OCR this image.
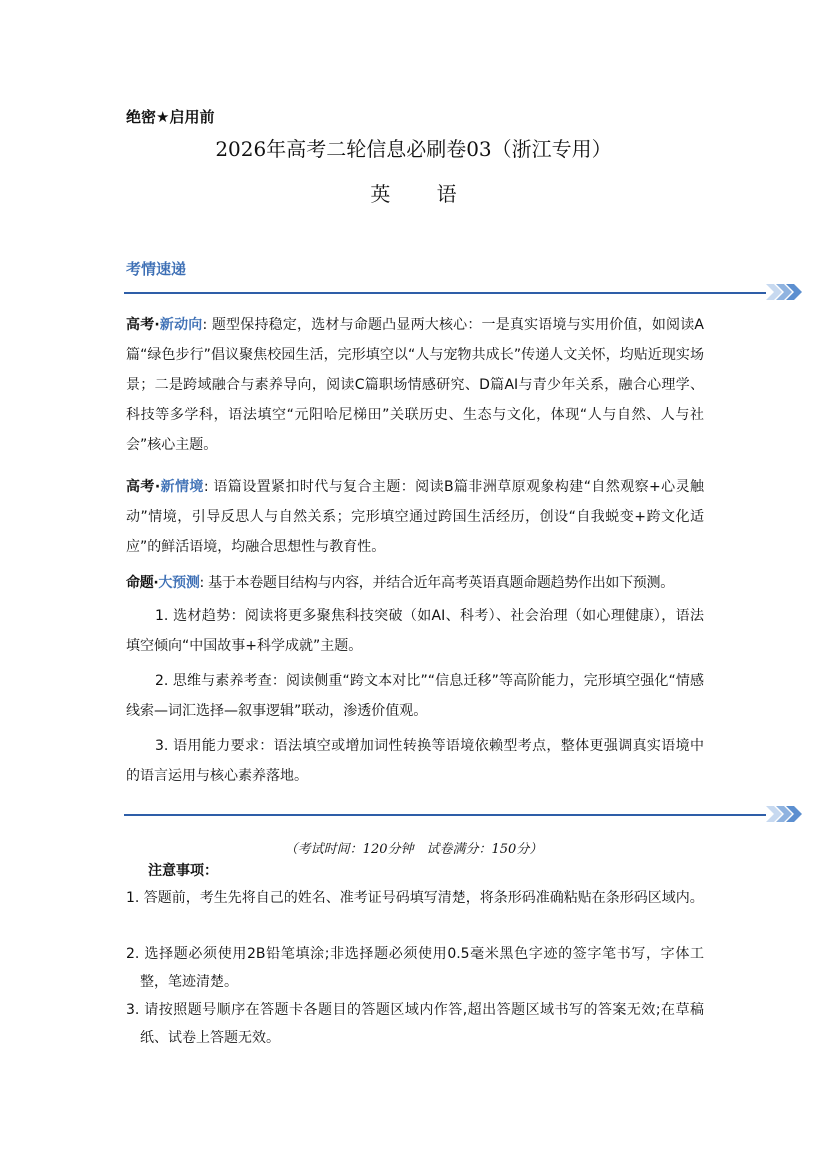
绝密★启用前
2026年高考二轮信息必刷卷03（浙江专用）
英 语
考情速递
高考·新动向: 题型保持稳定，选材与命题凸显两大核心：一是真实语境与实用价值，如阅读A篇“绿色步行”倡议聚焦校园生活，完形填空以“人与宠物共成长”传递人文关怀，均贴近现实场景；二是跨域融合与素养导向，阅读C篇职场情感研究、D篇AI与青少年关系，融合心理学、科技等多学科，语法填空“元阳哈尼梯田”关联历史、生态与文化，体现“人与自然、人与社会”核心主题。
高考·新情境: 语篇设置紧扣时代与复合主题：阅读B篇非洲草原观象构建“自然观察+心灵触动”情境，引导反思人与自然关系；完形填空通过跨国生活经历，创设“自我蜕变+跨文化适应”的鲜活语境，均融合思想性与教育性。
命题·大预测: 基于本卷题目结构与内容，并结合近年高考英语真题命题趋势作出如下预测。
1. 选材趋势：阅读将更多聚焦科技突破（如AI、科考）、社会治理（如心理健康），语法填空倾向“中国故事+科学成就”主题。
2. 思维与素养考查：阅读侧重“跨文本对比”“信息迁移”等高阶能力，完形填空强化“情感线索—词汇选择—叙事逻辑”联动，渗透价值观。
3. 语用能力要求：语法填空或增加词性转换等语境依赖型考点，整体更强调真实语境中的语言运用与核心素养落地。
（考试时间：120分钟　试卷满分：150分）
注意事项：
1. 答题前，考生先将自己的姓名、准考证号码填写清楚，将条形码准确粘贴在条形码区域内。
2. 选择题必须使用2B铅笔填涂;非选择题必须使用0.5毫米黑色字迹的签字笔书写，字体工整，笔迹清楚。
3. 请按照题号顺序在答题卡各题目的答题区域内作答,超出答题区域书写的答案无效;在草稿纸、试卷上答题无效。
